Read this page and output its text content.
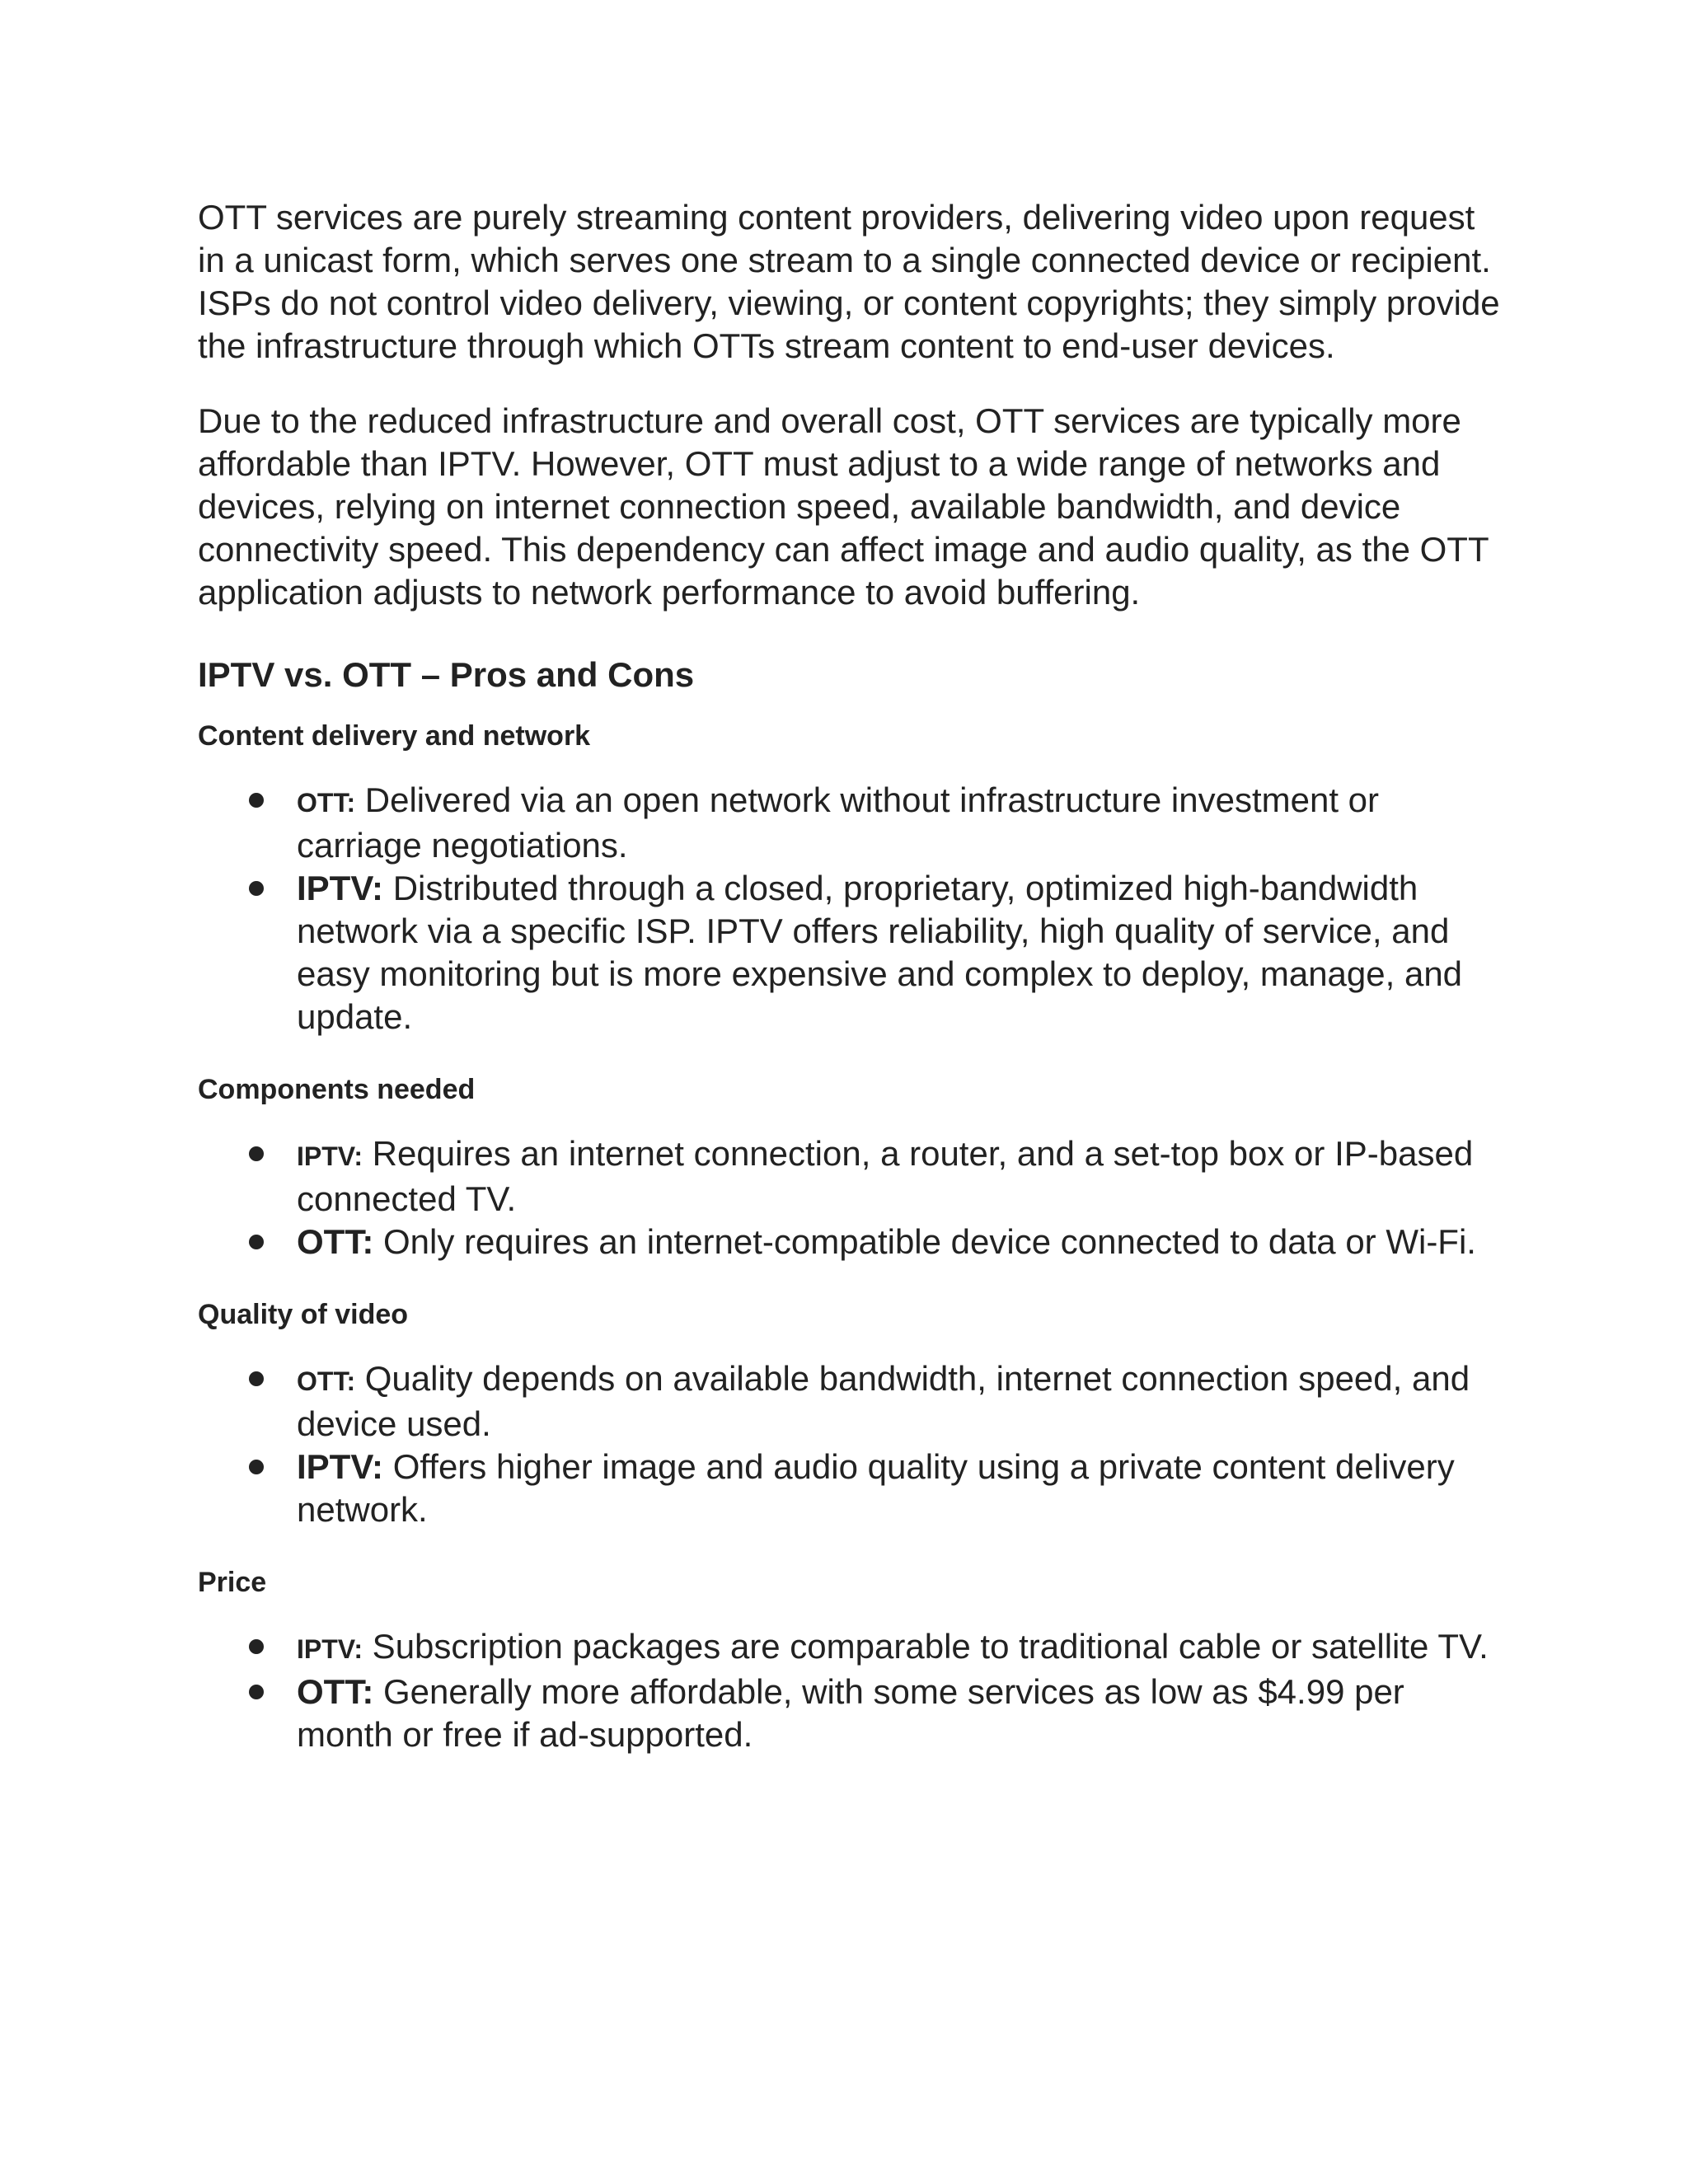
OTT services are purely streaming content providers, delivering video upon request in a unicast form, which serves one stream to a single connected device or recipient. ISPs do not control video delivery, viewing, or content copyrights; they simply provide the infrastructure through which OTTs stream content to end-user devices.

Due to the reduced infrastructure and overall cost, OTT services are typically more affordable than IPTV. However, OTT must adjust to a wide range of networks and devices, relying on internet connection speed, available bandwidth, and device connectivity speed. This dependency can affect image and audio quality, as the OTT application adjusts to network performance to avoid buffering.

IPTV vs. OTT – Pros and Cons
Content delivery and network
OTT: Delivered via an open network without infrastructure investment or carriage negotiations.
IPTV: Distributed through a closed, proprietary, optimized high-bandwidth network via a specific ISP. IPTV offers reliability, high quality of service, and easy monitoring but is more expensive and complex to deploy, manage, and update.
Components needed
IPTV: Requires an internet connection, a router, and a set-top box or IP-based connected TV.
OTT: Only requires an internet-compatible device connected to data or Wi-Fi.
Quality of video
OTT: Quality depends on available bandwidth, internet connection speed, and device used.
IPTV: Offers higher image and audio quality using a private content delivery network.
Price
IPTV: Subscription packages are comparable to traditional cable or satellite TV.
OTT: Generally more affordable, with some services as low as $4.99 per month or free if ad-supported.
